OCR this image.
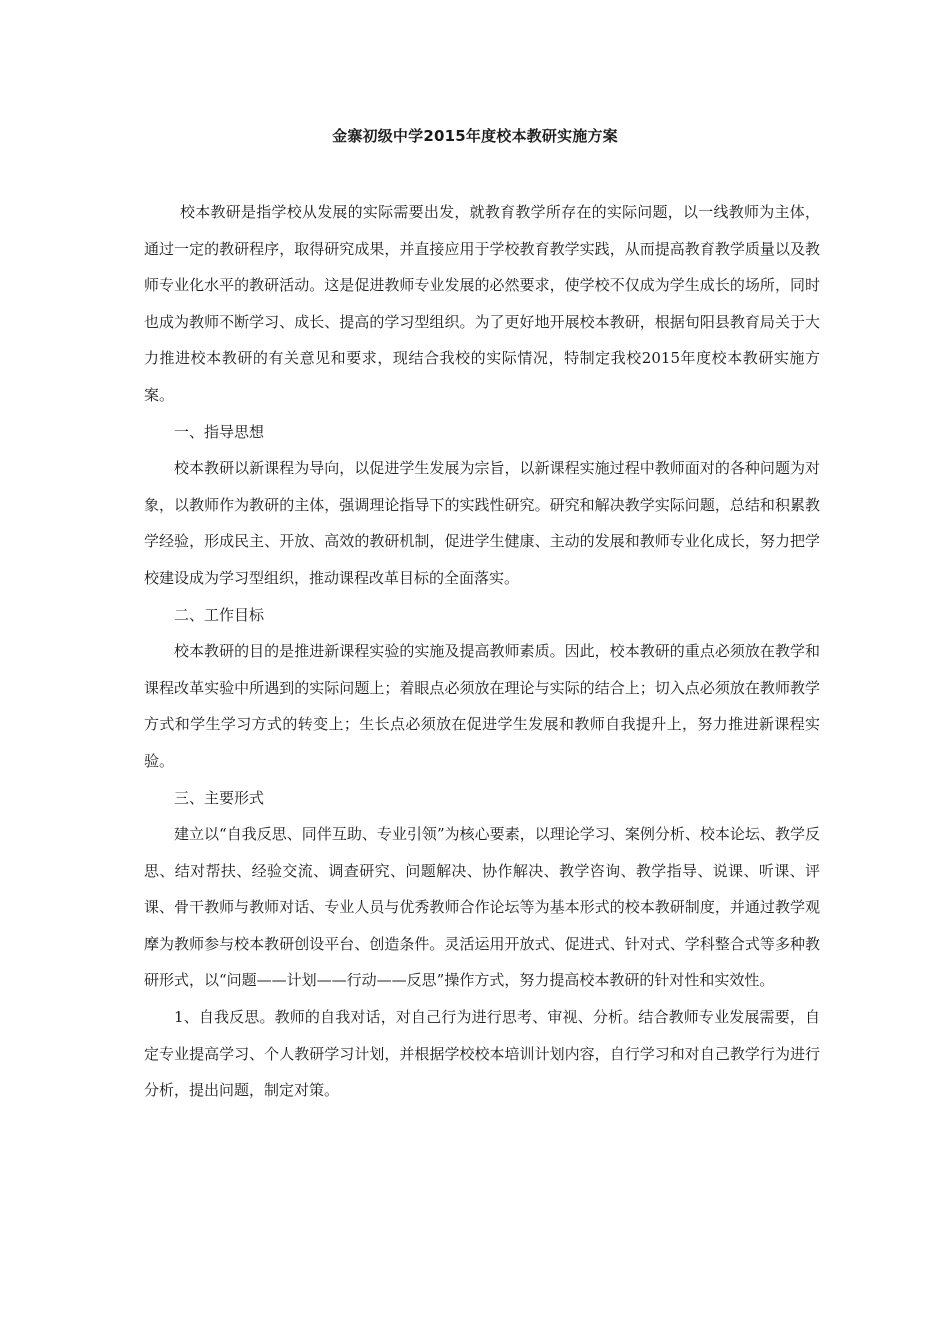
金寨初级中学2015年度校本教研实施方案

校本教研是指学校从发展的实际需要出发，就教育教学所存在的实际问题，以一线教师为主体，通过一定的教研程序，取得研究成果，并直接应用于学校教育教学实践，从而提高教育教学质量以及教师专业化水平的教研活动。这是促进教师专业发展的必然要求，使学校不仅成为学生成长的场所，同时也成为教师不断学习、成长、提高的学习型组织。为了更好地开展校本教研，根据旬阳县教育局关于大力推进校本教研的有关意见和要求，现结合我校的实际情况，特制定我校2015年度校本教研实施方案。

一、指导思想

校本教研以新课程为导向，以促进学生发展为宗旨，以新课程实施过程中教师面对的各种问题为对象，以教师作为教研的主体，强调理论指导下的实践性研究。研究和解决教学实际问题，总结和积累教学经验，形成民主、开放、高效的教研机制，促进学生健康、主动的发展和教师专业化成长，努力把学校建设成为学习型组织，推动课程改革目标的全面落实。

二、工作目标

校本教研的目的是推进新课程实验的实施及提高教师素质。因此，校本教研的重点必须放在教学和课程改革实验中所遇到的实际问题上；着眼点必须放在理论与实际的结合上；切入点必须放在教师教学方式和学生学习方式的转变上；生长点必须放在促进学生发展和教师自我提升上，努力推进新课程实验。

三、主要形式

建立以“自我反思、同伴互助、专业引领”为核心要素，以理论学习、案例分析、校本论坛、教学反思、结对帮扶、经验交流、调查研究、问题解决、协作解决、教学咨询、教学指导、说课、听课、评课、骨干教师与教师对话、专业人员与优秀教师合作论坛等为基本形式的校本教研制度，并通过教学观摩为教师参与校本教研创设平台、创造条件。灵活运用开放式、促进式、针对式、学科整合式等多种教研形式，以“问题——计划——行动——反思”操作方式，努力提高校本教研的针对性和实效性。

1、自我反思。教师的自我对话，对自己行为进行思考、审视、分析。结合教师专业发展需要，自定专业提高学习、个人教研学习计划，并根据学校校本培训计划内容，自行学习和对自己教学行为进行分析，提出问题，制定对策。
